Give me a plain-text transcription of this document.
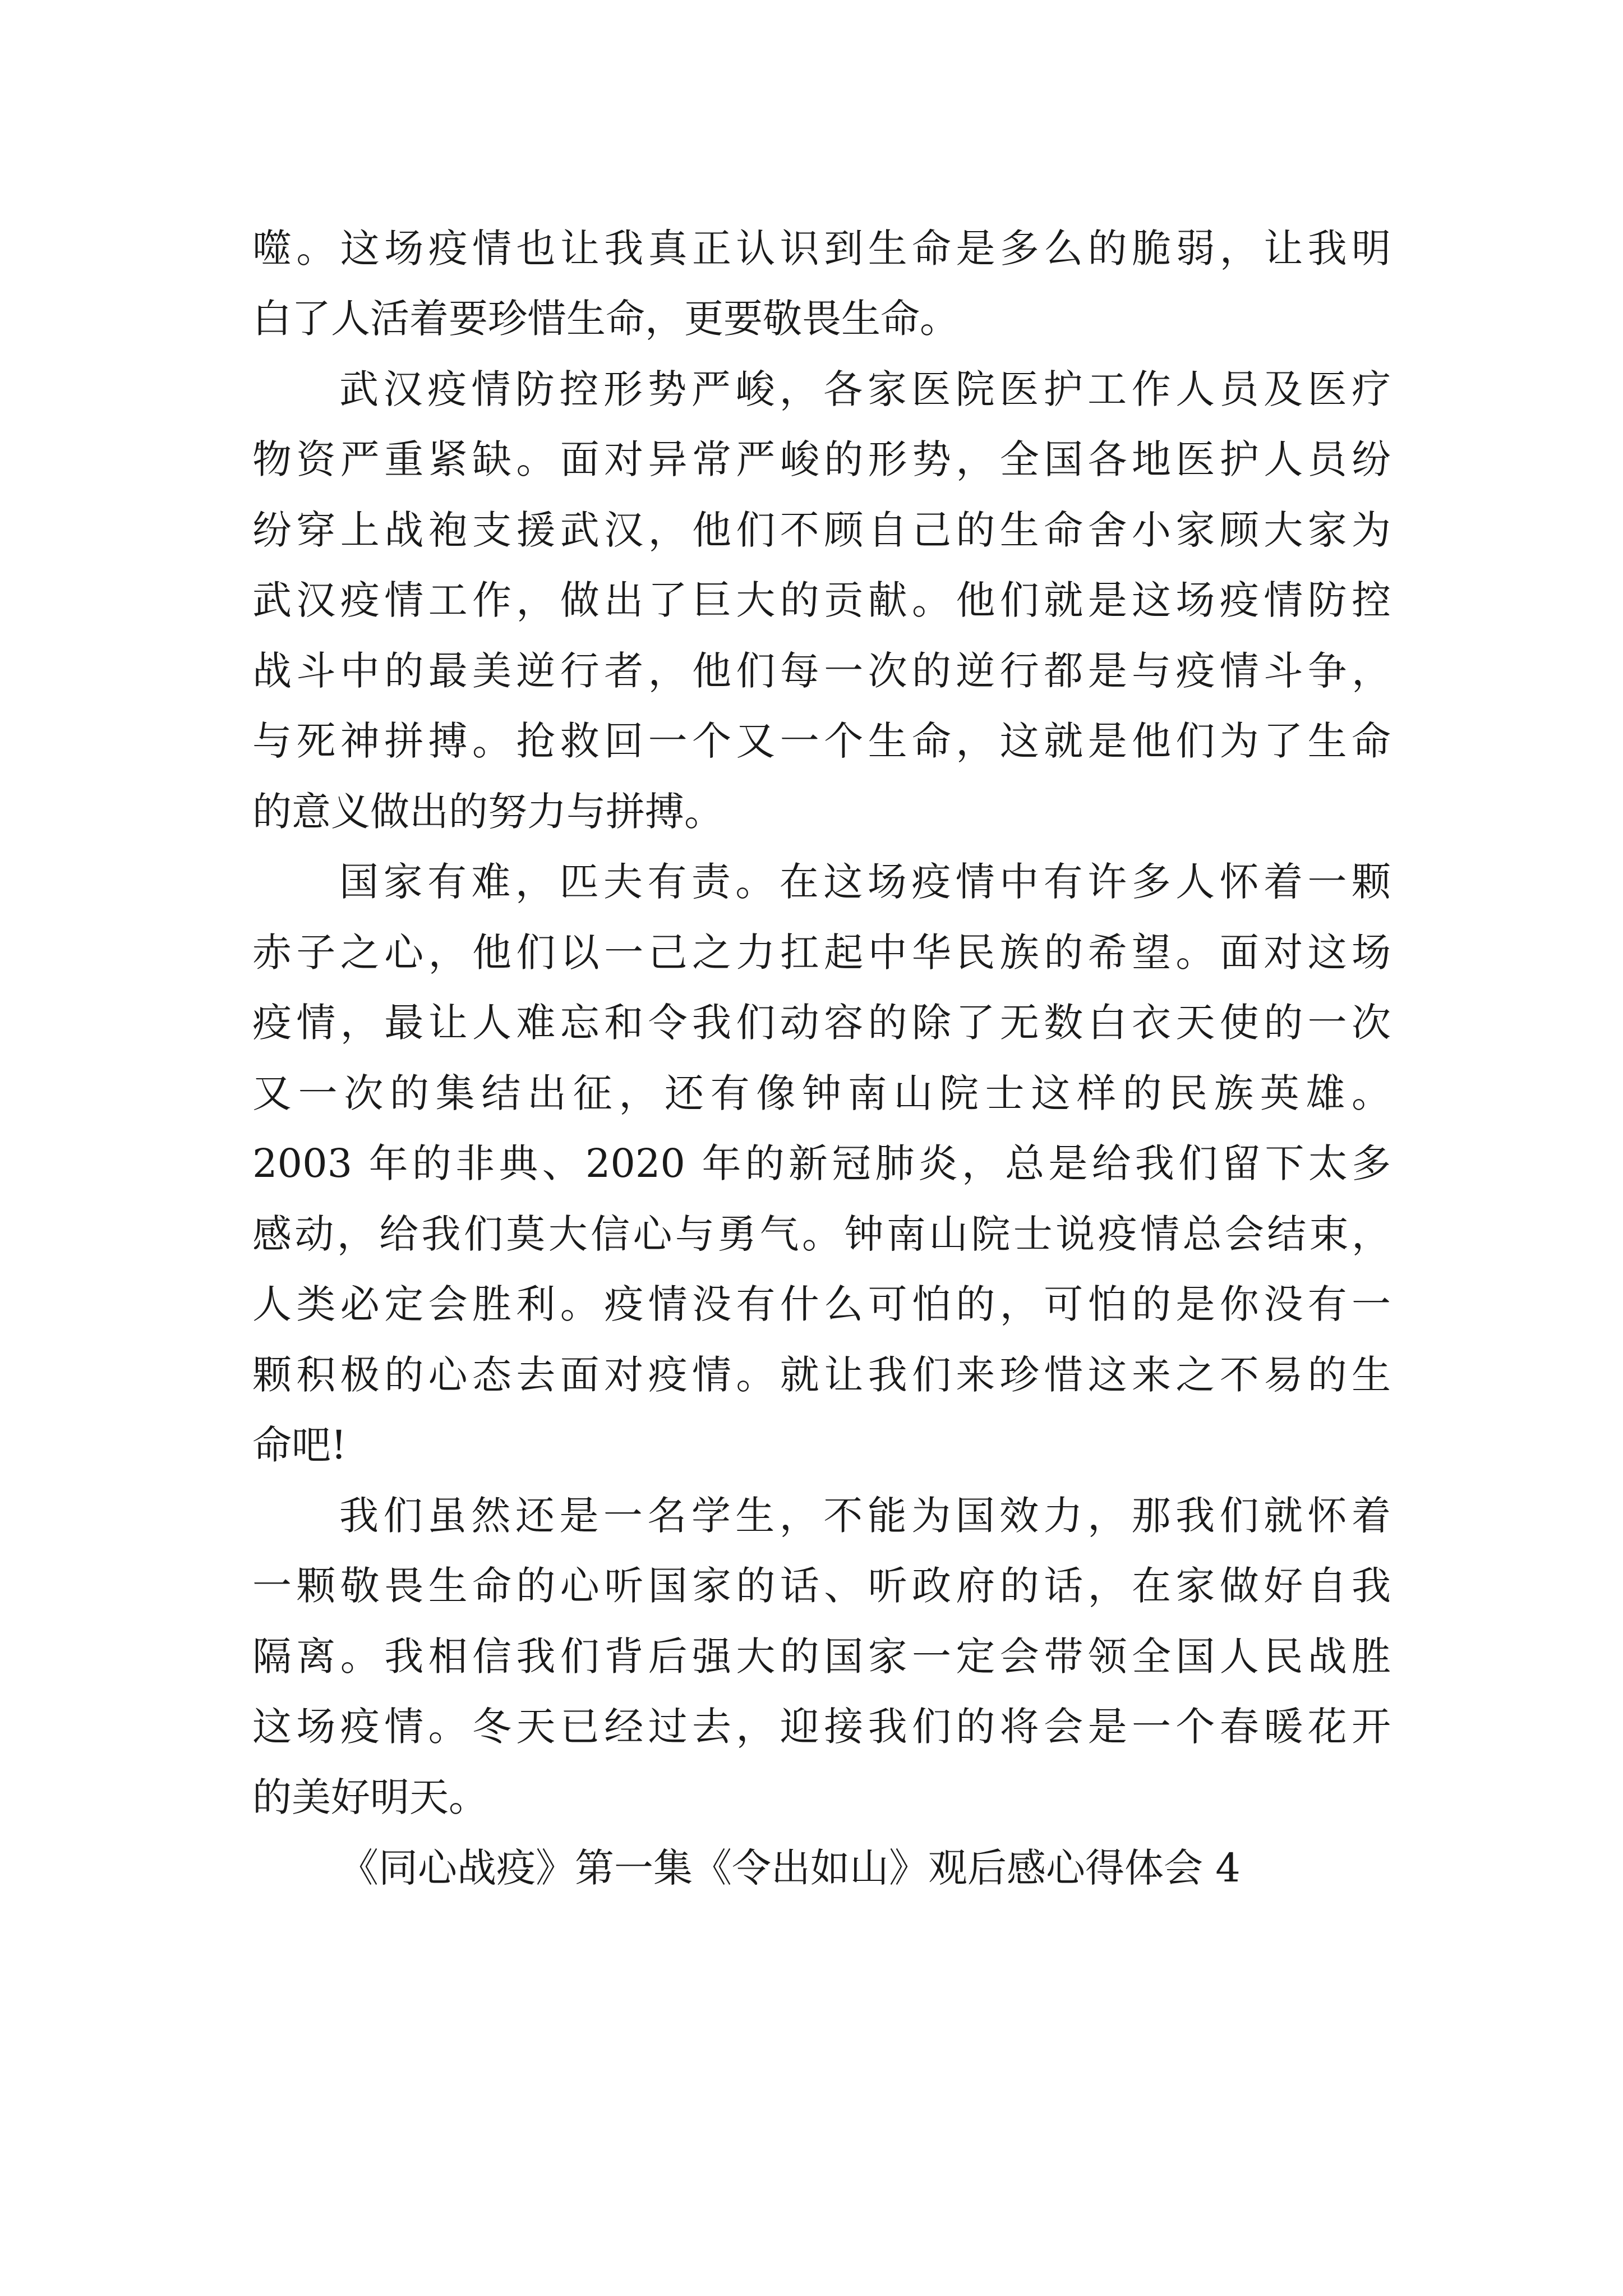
噬。这场疫情也让我真正认识到生命是多么的脆弱，让我明
白了人活着要珍惜生命，更要敬畏生命。
武汉疫情防控形势严峻，各家医院医护工作人员及医疗
物资严重紧缺。面对异常严峻的形势，全国各地医护人员纷
纷穿上战袍支援武汉，他们不顾自己的生命舍小家顾大家为
武汉疫情工作，做出了巨大的贡献。他们就是这场疫情防控
战斗中的最美逆行者，他们每一次的逆行都是与疫情斗争，
与死神拼搏。抢救回一个又一个生命，这就是他们为了生命
的意义做出的努力与拼搏。
国家有难，匹夫有责。在这场疫情中有许多人怀着一颗
赤子之心，他们以一己之力扛起中华民族的希望。面对这场
疫情，最让人难忘和令我们动容的除了无数白衣天使的一次
又一次的集结出征，还有像钟南山院士这样的民族英雄。
2003 年的非典、2020 年的新冠肺炎，总是给我们留下太多
感动，给我们莫大信心与勇气。钟南山院士说疫情总会结束，
人类必定会胜利。疫情没有什么可怕的，可怕的是你没有一
颗积极的心态去面对疫情。就让我们来珍惜这来之不易的生
命吧!
我们虽然还是一名学生，不能为国效力，那我们就怀着
一颗敬畏生命的心听国家的话、听政府的话，在家做好自我
隔离。我相信我们背后强大的国家一定会带领全国人民战胜
这场疫情。冬天已经过去，迎接我们的将会是一个春暖花开
的美好明天。
《同心战疫》第一集《令出如山》观后感心得体会 4
